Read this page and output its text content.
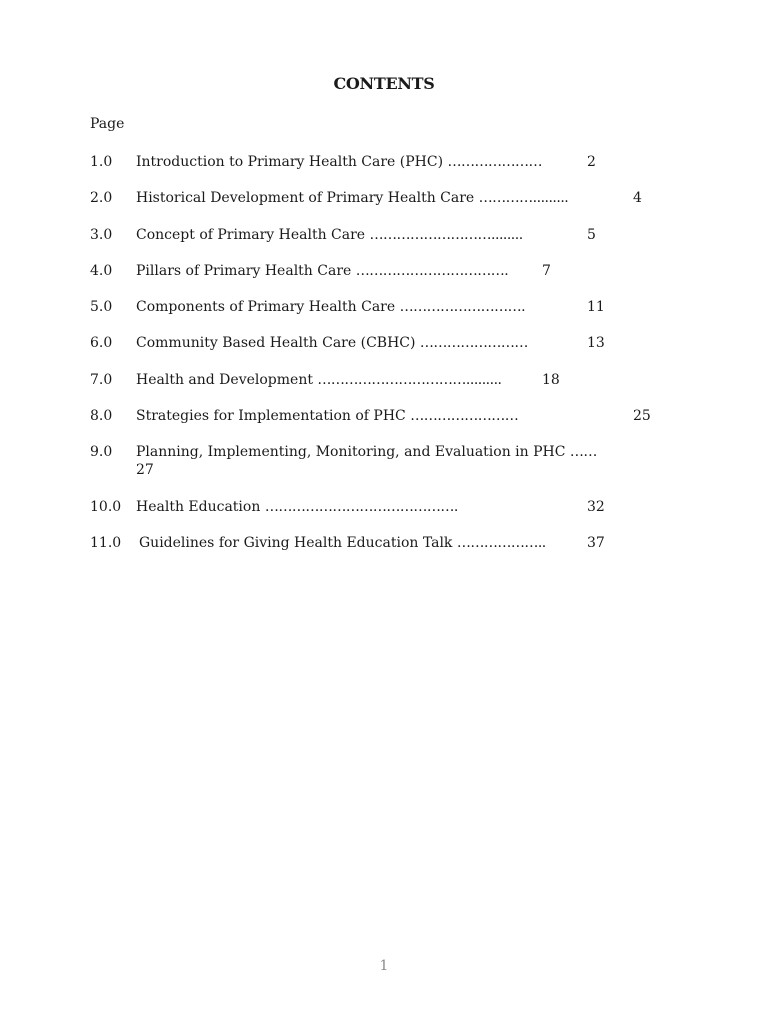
CONTENTS
Page
1.0 Introduction to Primary Health Care (PHC) …………………	2
2.0 Historical Development of Primary Health Care ………….........	4
3.0 Concept of Primary Health Care ………………………........	5
4.0 Pillars of Primary Health Care ……………………………. 7
5.0 Components of Primary Health Care ……………………….	11
6.0 Community Based Health Care (CBHC) ……………………	13
7.0 Health and Development …………………………….........	18
8.0 Strategies for Implementation of PHC ……………………	25
9.0 Planning, Implementing, Monitoring, and Evaluation in PHC ……
27
10.0 Health Education …………………………………….	32
11.0 Guidelines for Giving Health Education Talk ………………..	37
1
